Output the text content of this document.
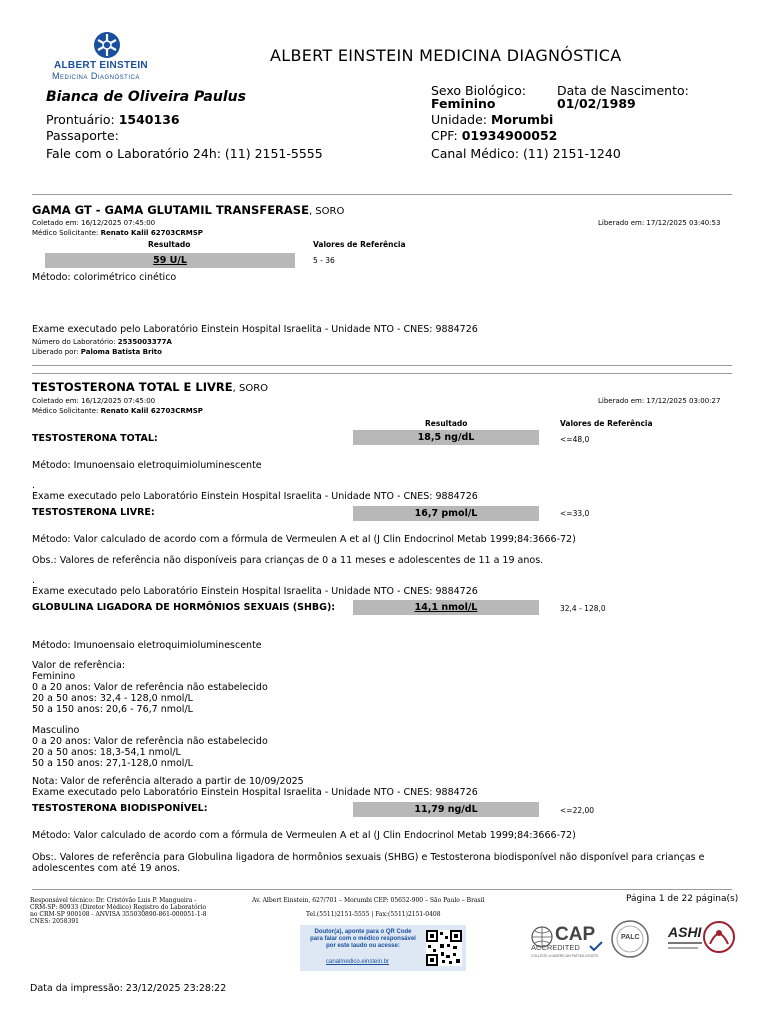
ALBERT EINSTEIN
Medicina Diagnóstica
ALBERT EINSTEIN MEDICINA DIAGNÓSTICA
Bianca de Oliveira Paulus
Prontuário: 1540136
Passaporte:
Fale com o Laboratório 24h: (11) 2151-5555
Sexo Biológico:
Feminino
Data de Nascimento:
01/02/1989
Unidade: Morumbi
CPF: 01934900052
Canal Médico: (11) 2151-1240
GAMA GT - GAMA GLUTAMIL TRANSFERASE, SORO
Coletado em: 16/12/2025 07:45:00	Liberado em: 17/12/2025 03:40:53
Médico Solicitante: Renato Kalil 62703CRMSP
Resultado	Valores de Referência
59 U/L	5 - 36
Método: colorimétrico cinético
Exame executado pelo Laboratório Einstein Hospital Israelita - Unidade NTO - CNES: 9884726
Número do Laboratório: 2535003377A
Liberado por: Paloma Batista Brito
TESTOSTERONA TOTAL E LIVRE, SORO
Coletado em: 16/12/2025 07:45:00	Liberado em: 17/12/2025 03:00:27
Médico Solicitante: Renato Kalil 62703CRMSP
Resultado	Valores de Referência
TESTOSTERONA TOTAL:	18,5 ng/dL	<=48,0
Método: Imunoensaio eletroquimioluminescente
.
Exame executado pelo Laboratório Einstein Hospital Israelita - Unidade NTO - CNES: 9884726
TESTOSTERONA LIVRE:	16,7 pmol/L	<=33,0
Método: Valor calculado de acordo com a fórmula de Vermeulen A et al (J Clin Endocrinol Metab 1999;84:3666-72)
Obs.: Valores de referência não disponíveis para crianças de 0 a 11 meses e adolescentes de 11 a 19 anos.
.
Exame executado pelo Laboratório Einstein Hospital Israelita - Unidade NTO - CNES: 9884726
GLOBULINA LIGADORA DE HORMÔNIOS SEXUAIS (SHBG):	14,1 nmol/L	32,4 - 128,0
Método: Imunoensaio eletroquimioluminescente
Valor de referência:
Feminino
0 a 20 anos: Valor de referência não estabelecido
20 a 50 anos: 32,4 - 128,0 nmol/L
50 a 150 anos: 20,6 - 76,7 nmol/L
Masculino
0 a 20 anos: Valor de referência não estabelecido
20 a 50 anos: 18,3-54,1 nmol/L
50 a 150 anos: 27,1-128,0 nmol/L
Nota: Valor de referência alterado a partir de 10/09/2025
Exame executado pelo Laboratório Einstein Hospital Israelita - Unidade NTO - CNES: 9884726
TESTOSTERONA BIODISPONÍVEL:	11,79 ng/dL	<=22,00
Método: Valor calculado de acordo com a fórmula de Vermeulen A et al (J Clin Endocrinol Metab 1999;84:3666-72)
Obs:. Valores de referência para Globulina ligadora de hormônios sexuais (SHBG) e Testosterona biodisponível não disponível para crianças e
adolescentes com até 19 anos.
Responsável técnico: Dr. Cristóvão Luis P. Mangueira -
CRM-SP: 80933 (Diretor Médico) Registro do Laboratório
no CRM-SP 900108 - ANVISA 355030890-861-000051-1-8
CNES: 2058391
Av. Albert Einstein, 627/701 – Morumbi CEP: 05652-900 – São Paulo – Brasil
Tel.(5511)2151-5555 | Fax:(5511)2151-0408
Página 1 de 22 página(s)
Doutor(a), aponte para o QR Code
para falar com o médico responsável
por este laudo ou acesse:
canalmedico.einstein.br
CAP
ACCREDITED
COLLEGE of AMERICAN PATHOLOGISTS
PALC ASHI
Data da impressão: 23/12/2025 23:28:22
